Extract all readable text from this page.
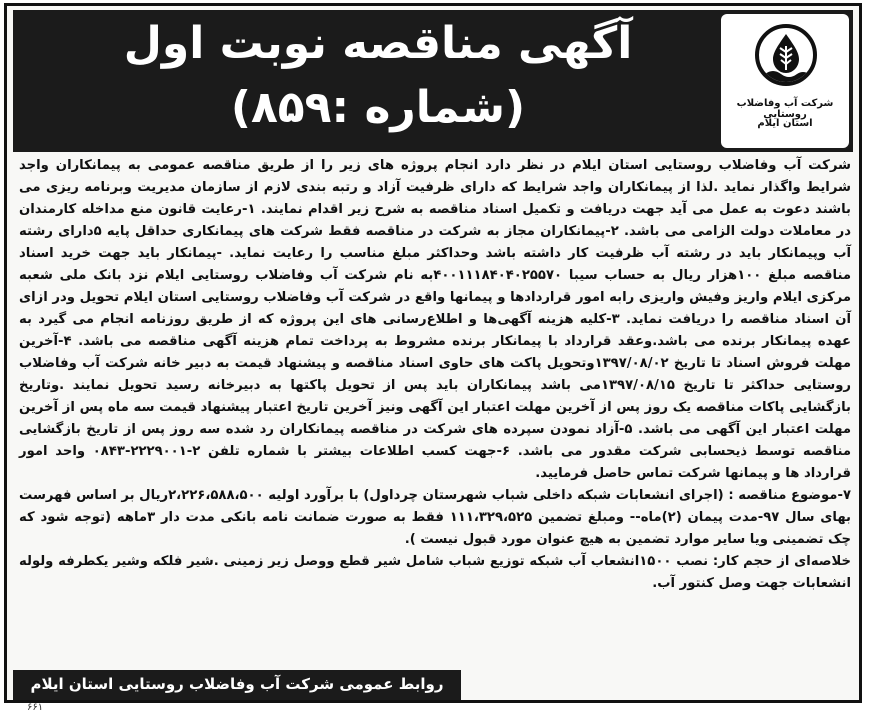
آگهی مناقصه نوبت اول
(شماره :۸۵۹)	شرکت آب وفاضلاب روستایی
استان ایلام

شرکت آب وفاضلاب روستایی استان ایلام در نظر دارد انجام پروژه های زیر را از طریق مناقصه عمومی به پیمانکاران واجد شرایط واگذار نماید .لذا از پیمانکاران واجد شرایط که دارای ظرفیت آزاد و رتبه بندی لازم از سازمان مدیریت وبرنامه ریزی می باشند دعوت به عمل می آید جهت دریافت و تکمیل اسناد مناقصه به شرح زیر اقدام نمایند. ۱-رعایت قانون منع مداخله کارمندان در معاملات دولت الزامی می باشد. ۲-پیمانکاران مجاز به شرکت در مناقصه فقط شرکت های پیمانکاری حداقل پایه ۵دارای رشته آب وپیمانکار باید در رشته آب ظرفیت کار داشته باشد وحداکثر مبلغ مناسب را رعایت نماید. -پیمانکار باید جهت خرید اسناد مناقصه مبلغ ۱۰۰هزار ریال به حساب سیبا ۴۰۰۱۱۱۸۴۰۴۰۲۵۵۷۰به نام شرکت آب وفاضلاب روستایی ایلام نزد بانک ملی شعبه مرکزی ایلام واریز وفیش واریزی رابه امور قراردادها و پیمانها واقع در شرکت آب وفاضلاب روستایی استان ایلام تحویل ودر ازای آن اسناد مناقصه را دریافت نماید. ۳-کلیه هزینه آگهی‌ها و اطلاع‌رسانی های این پروژه که از طریق روزنامه انجام می گیرد به عهده پیمانکار برنده می باشد.وعقد قرارداد با پیمانکار برنده مشروط به پرداخت تمام هزینه آگهی مناقصه می باشد. ۴-آخرین مهلت فروش اسناد تا تاریخ ۱۳۹۷/۰۸/۰۲وتحویل پاکت های حاوی اسناد مناقصه و پیشنهاد قیمت به دبیر خانه شرکت آب وفاضلاب روستایی حداکثر تا تاریخ ۱۳۹۷/۰۸/۱۵می باشد پیمانکاران باید پس از تحویل پاکتها به دبیرخانه رسید تحویل نمایند .وتاریخ بازگشایی پاکات مناقصه یک روز پس از آخرین مهلت اعتبار این آگهی ونیز آخرین تاریخ اعتبار پیشنهاد قیمت سه ماه پس از آخرین مهلت اعتبار این آگهی می باشد. ۵-آزاد نمودن سپرده های شرکت در مناقصه پیمانکاران رد شده سه روز پس از تاریخ بازگشایی مناقصه توسط ذیحسابی شرکت مقدور می باشد. ۶-جهت کسب اطلاعات بیشتر با شماره تلفن ۲-۲۲۲۹۰۰۱-۰۸۴۳ واحد امور قرارداد ها و پیمانها شرکت تماس حاصل فرمایید.

۷-موضوع مناقصه : (اجرای انشعابات شبکه داخلی شباب شهرستان چرداول) با برآورد اولیه ۲،۲۲۶،۵۸۸،۵۰۰ریال بر اساس فهرست بهای سال ۹۷-مدت پیمان (۲)ماه-- ومبلغ تضمین ۱۱۱،۳۲۹،۵۲۵ فقط به صورت ضمانت نامه بانکی مدت دار ۳ماهه (توجه شود که چک تضمینی ویا سایر موارد تضمین به هیچ عنوان مورد قبول نیست ).

خلاصه‌ای از حجم کار: نصب ۱۵۰۰انشعاب آب شبکه توزیع شباب شامل شیر قطع ووصل زیر زمینی .شیر فلکه وشیر یکطرفه ولوله انشعابات جهت وصل کنتور آب.

روابط عمومی شرکت آب وفاضلاب روستایی استان ایلام
۶۶۱
